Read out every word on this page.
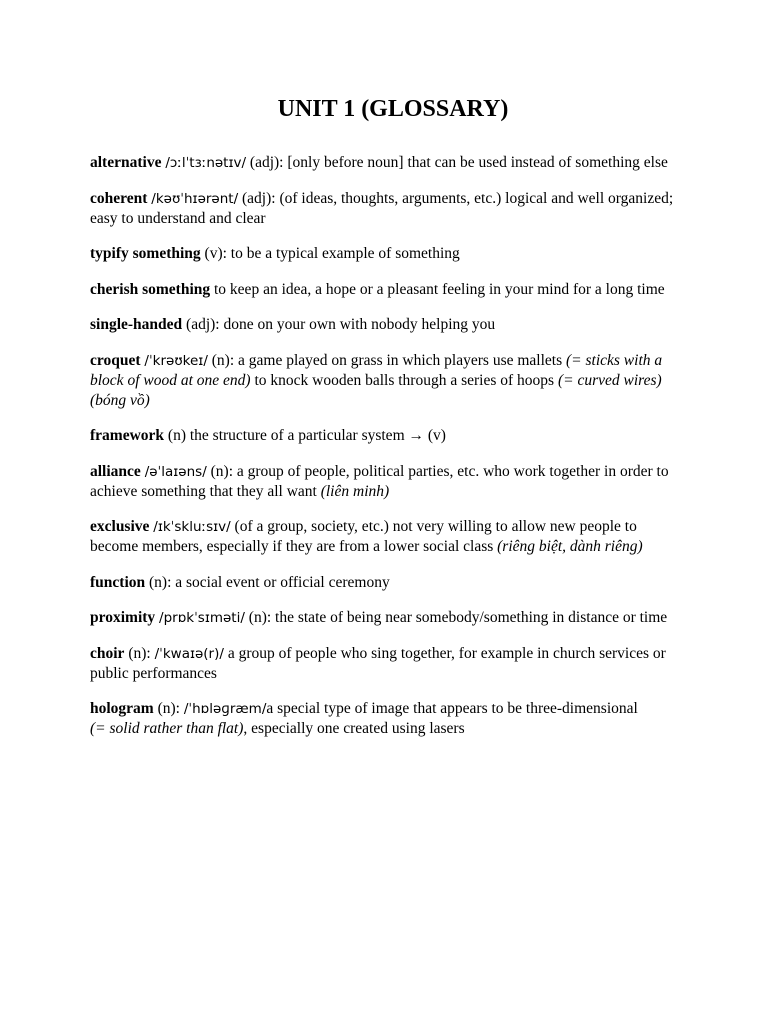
UNIT 1 (GLOSSARY)

alternative /ɔːlˈtɜːnətɪv/ (adj): [only before noun] that can be used instead of something else

coherent /kəʊˈhɪərənt/ (adj): (of ideas, thoughts, arguments, etc.) logical and well organized; easy to understand and clear

typify something (v): to be a typical example of something

cherish something to keep an idea, a hope or a pleasant feeling in your mind for a long time

single-handed (adj): done on your own with nobody helping you

croquet /ˈkrəʊkeɪ/ (n): a game played on grass in which players use mallets (= sticks with a block of wood at one end) to knock wooden balls through a series of hoops (= curved wires) (bóng vồ)

framework (n) the structure of a particular system → (v)

alliance /əˈlaɪəns/ (n): a group of people, political parties, etc. who work together in order to achieve something that they all want (liên minh)

exclusive /ɪkˈskluːsɪv/ (of a group, society, etc.) not very willing to allow new people to become members, especially if they are from a lower social class (riêng biệt, dành riêng)

function (n): a social event or official ceremony

proximity /prɒkˈsɪməti/ (n): the state of being near somebody/something in distance or time

choir (n): /ˈkwaɪə(r)/ a group of people who sing together, for example in church services or public performances

hologram (n): /ˈhɒləɡræm/a special type of image that appears to be three-dimensional
(= solid rather than flat), especially one created using lasers
